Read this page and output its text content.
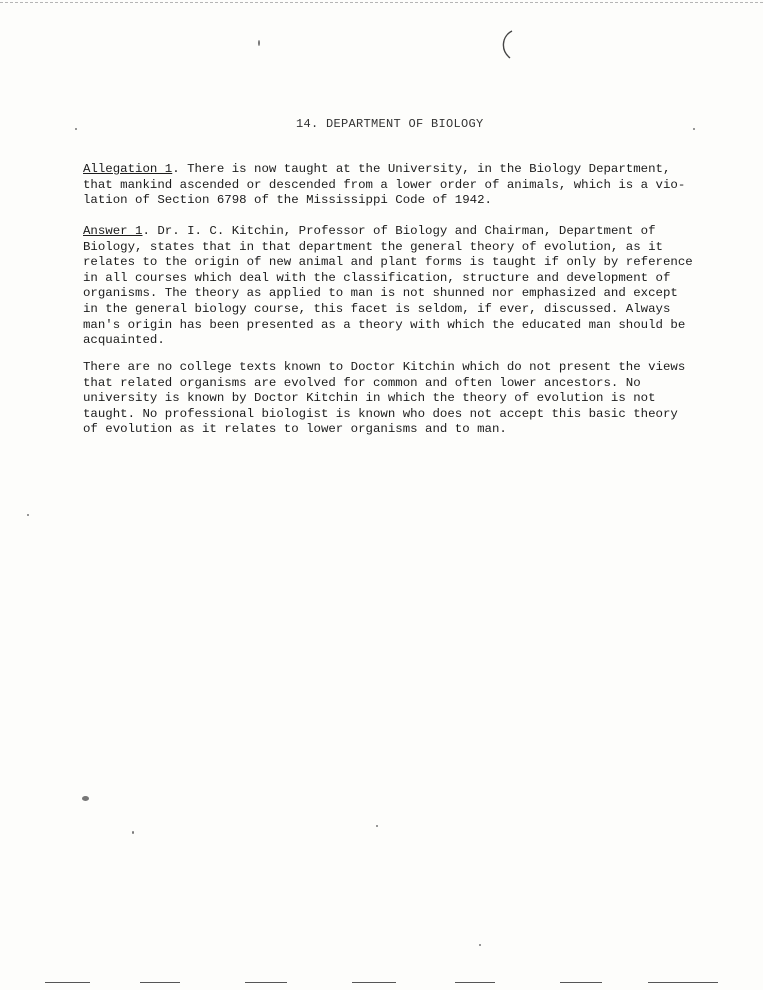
14. DEPARTMENT OF BIOLOGY
Allegation 1. There is now taught at the University, in the Biology Department,
that mankind ascended or descended from a lower order of animals, which is a vio-
lation of Section 6798 of the Mississippi Code of 1942.
Answer 1. Dr. I. C. Kitchin, Professor of Biology and Chairman, Department of
Biology, states that in that department the general theory of evolution, as it
relates to the origin of new animal and plant forms is taught if only by reference
in all courses which deal with the classification, structure and development of
organisms. The theory as applied to man is not shunned nor emphasized and except
in the general biology course, this facet is seldom, if ever, discussed. Always
man's origin has been presented as a theory with which the educated man should be
acquainted.
There are no college texts known to Doctor Kitchin which do not present the views
that related organisms are evolved for common and often lower ancestors. No
university is known by Doctor Kitchin in which the theory of evolution is not
taught. No professional biologist is known who does not accept this basic theory
of evolution as it relates to lower organisms and to man.
